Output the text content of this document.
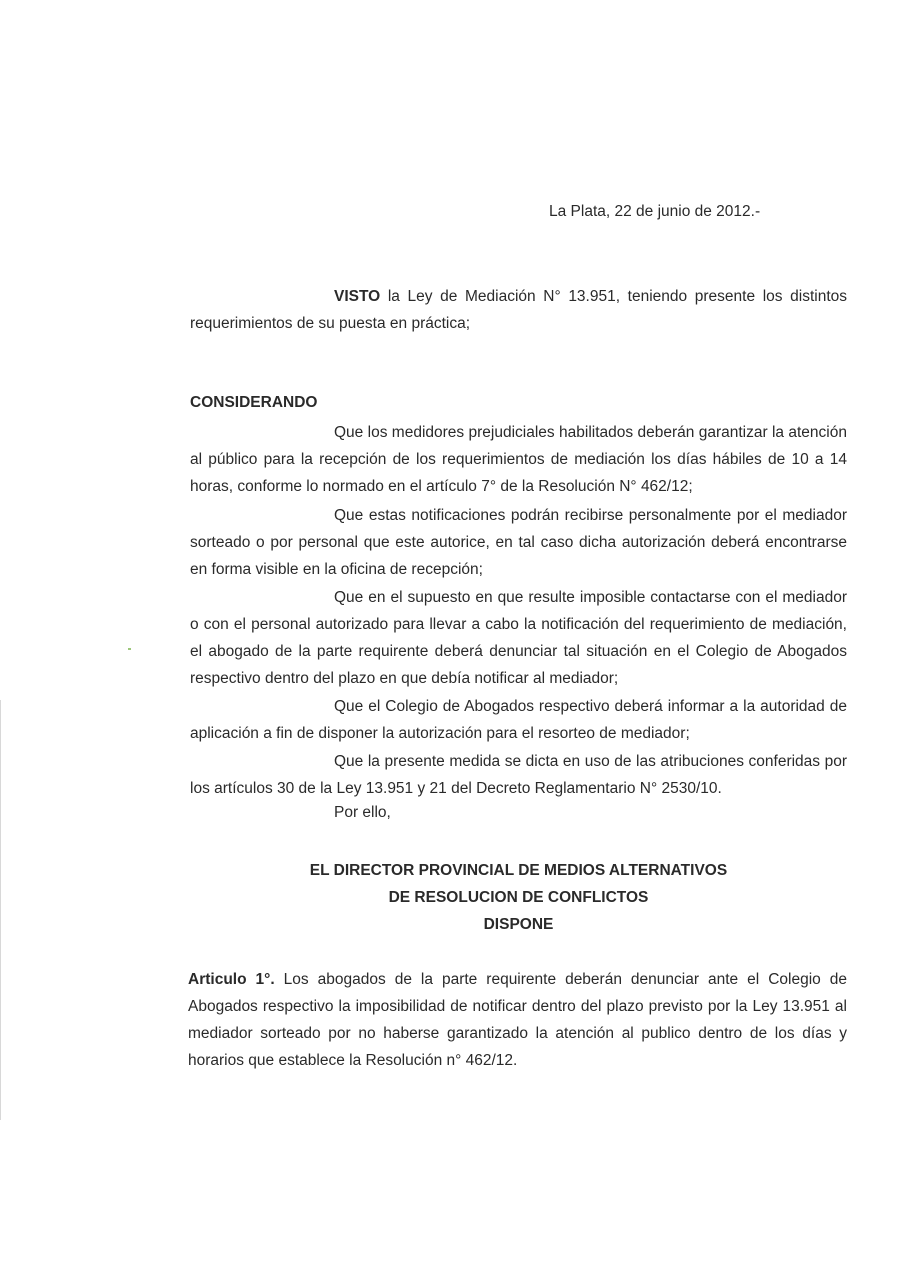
La Plata, 22 de junio de 2012.-
VISTO la Ley de Mediación N° 13.951, teniendo presente los distintos requerimientos de su puesta en práctica;
CONSIDERANDO
Que los medidores prejudiciales habilitados deberán garantizar la atención al público para la recepción de los requerimientos de mediación los días hábiles de 10 a 14 horas, conforme lo normado en el artículo 7° de la Resolución N° 462/12;
Que estas notificaciones podrán recibirse personalmente por el mediador sorteado o por personal que este autorice, en tal caso dicha autorización deberá encontrarse en forma visible en la oficina de recepción;
Que en el supuesto en que resulte imposible contactarse con el mediador o con el personal autorizado para llevar a cabo la notificación del requerimiento de mediación, el abogado de la parte requirente deberá denunciar tal situación en el Colegio de Abogados respectivo dentro del plazo en que debía notificar al mediador;
Que el Colegio de Abogados respectivo deberá informar a la autoridad de aplicación a fin de disponer la autorización para el resorteo de mediador;
Que la presente medida se dicta en uso de las atribuciones conferidas por los artículos 30 de la Ley 13.951 y 21 del Decreto Reglamentario N° 2530/10.
Por ello,
EL DIRECTOR PROVINCIAL DE MEDIOS ALTERNATIVOS
DE RESOLUCION DE CONFLICTOS
DISPONE
Articulo 1°. Los abogados de la parte requirente deberán denunciar ante el Colegio de Abogados respectivo la imposibilidad de notificar dentro del plazo previsto por la Ley 13.951 al mediador sorteado por no haberse garantizado la atención al publico dentro de los días y horarios que establece la Resolución n° 462/12.
